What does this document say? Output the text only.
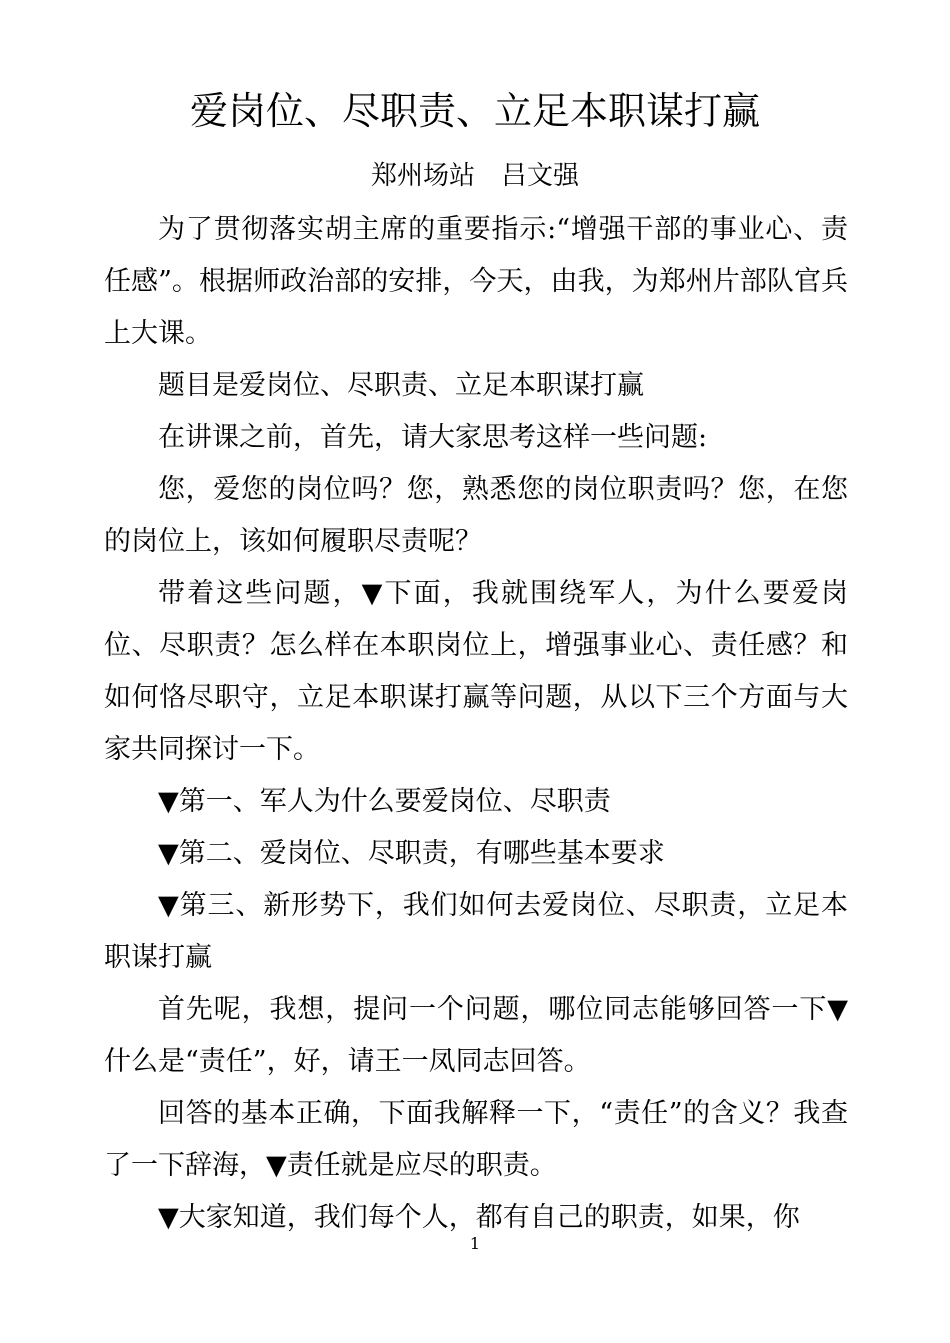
爱岗位、尽职责、立足本职谋打赢
郑州场站　吕文强

为了贯彻落实胡主席的重要指示:“增强干部的事业心、责任感”。根据师政治部的安排，今天，由我，为郑州片部队官兵上大课。

题目是爱岗位、尽职责、立足本职谋打赢

在讲课之前，首先，请大家思考这样一些问题:

您，爱您的岗位吗？您，熟悉您的岗位职责吗？您，在您的岗位上，该如何履职尽责呢？

带着这些问题，▼下面，我就围绕军人，为什么要爱岗位、尽职责？怎么样在本职岗位上，增强事业心、责任感？和如何恪尽职守，立足本职谋打赢等问题，从以下三个方面与大家共同探讨一下。

▼第一、军人为什么要爱岗位、尽职责

▼第二、爱岗位、尽职责，有哪些基本要求

▼第三、新形势下，我们如何去爱岗位、尽职责，立足本职谋打赢

首先呢，我想，提问一个问题，哪位同志能够回答一下▼什么是“责任”，好，请王一凤同志回答。

回答的基本正确，下面我解释一下，“责任”的含义？我查了一下辞海，▼责任就是应尽的职责。

▼大家知道，我们每个人，都有自己的职责，如果，你

1
